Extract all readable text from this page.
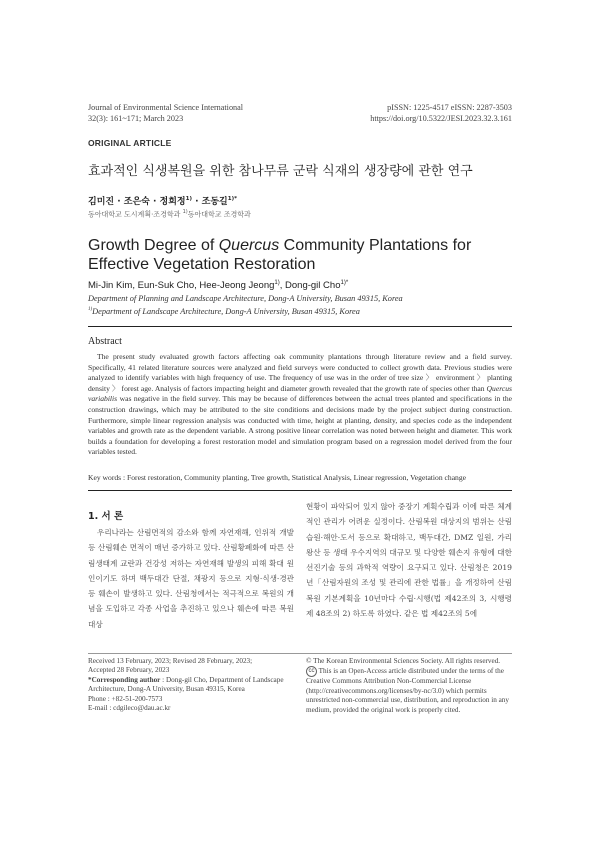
Journal of Environmental Science International
32(3): 161~171; March 2023
pISSN: 1225-4517 eISSN: 2287-3503
https://doi.org/10.5322/JESI.2023.32.3.161
ORIGINAL ARTICLE
효과적인 식생복원을 위한 참나무류 군락 식재의 생장량에 관한 연구
김미진 · 조은숙 · 정희정$^{1)}$ · 조동길$^{1)*}$
동아대학교 도시계획·조경학과 $^{1)}$동아대학교 조경학과
Growth Degree of Quercus Community Plantations for Effective Vegetation Restoration
Mi-Jin Kim, Eun-Suk Cho, Hee-Jeong Jeong$^{1)}$, Dong-gil Cho$^{1)*}$
Department of Planning and Landscape Architecture, Dong-A University, Busan 49315, Korea
$^{1)}$Department of Landscape Architecture, Dong-A University, Busan 49315, Korea
Abstract
The present study evaluated growth factors affecting oak community plantations through literature review and a field survey. Specifically, 41 related literature sources were analyzed and field surveys were conducted to collect growth data. Previous studies were analyzed to identify variables with high frequency of use. The frequency of use was in the order of tree size 〉 environment 〉 planting density 〉 forest age. Analysis of factors impacting height and diameter growth revealed that the growth rate of species other than Quercus variabilis was negative in the field survey. This may be because of differences between the actual trees planted and specifications in the construction drawings, which may be attributed to the site conditions and decisions made by the project subject during construction. Furthermore, simple linear regression analysis was conducted with time, height at planting, density, and species code as the independent variables and growth rate as the dependent variable. A strong positive linear correlation was noted between height and diameter. This work builds a foundation for developing a forest restoration model and simulation program based on a regression model derived from the four variables tested.
Key words : Forest restoration, Community planting, Tree growth, Statistical Analysis, Linear regression, Vegetation change
1. 서 론

우리나라는 산림면적의 감소와 함께 자연재해, 인위적 개발 등 산림훼손 면적이 매년 증가하고 있다. 산림황폐화에 따른 산림생태계 교란과 건강성 저하는 자연재해 발생의 피해 확대 원인이기도 하며 백두대간 단절, 채광지 등으로 지형·식생·경관 등 훼손이 발생하고 있다. 산림청에서는 적극적으로 복원의 개념을 도입하고 각종 사업을 추진하고 있으나 훼손에 따른 복원대상

현황이 파악되어 있지 않아 중장기 계획수립과 이에 따른 체계적인 관리가 어려운 실정이다. 산림복원 대상지의 범위는 산림 습원·해안·도서 등으로 확대하고, 백두대간, DMZ 일원, 가리왕산 등 생태 우수지역의 대규모 및 다양한 훼손지 유형에 대한 선진기술 등의 과학적 역량이 요구되고 있다. 산림청은 2019년「산림자원의 조성 및 관리에 관한 법률」을 개정하여 산림복원 기본계획을 10년마다 수립·시행(법 제42조의 3, 시행령 제 48조의 2) 하도록 하였다. 같은 법 제42조의 5에

Received 13 February, 2023; Revised 28 February, 2023;
Accepted 28 February, 2023
*Corresponding author : Dong-gil Cho, Department of Landscape Architecture, Dong-A University, Busan 49315, Korea
Phone : +82-51-200-7573
E-mail : cdgileco@dau.ac.kr
© The Korean Environmental Sciences Society. All rights reserved.
cc This is an Open-Access article distributed under the terms of the Creative Commons Attribution Non-Commercial License (http://creativecommons.org/licenses/by-nc/3.0) which permits unrestricted non-commercial use, distribution, and reproduction in any medium, provided the original work is properly cited.
